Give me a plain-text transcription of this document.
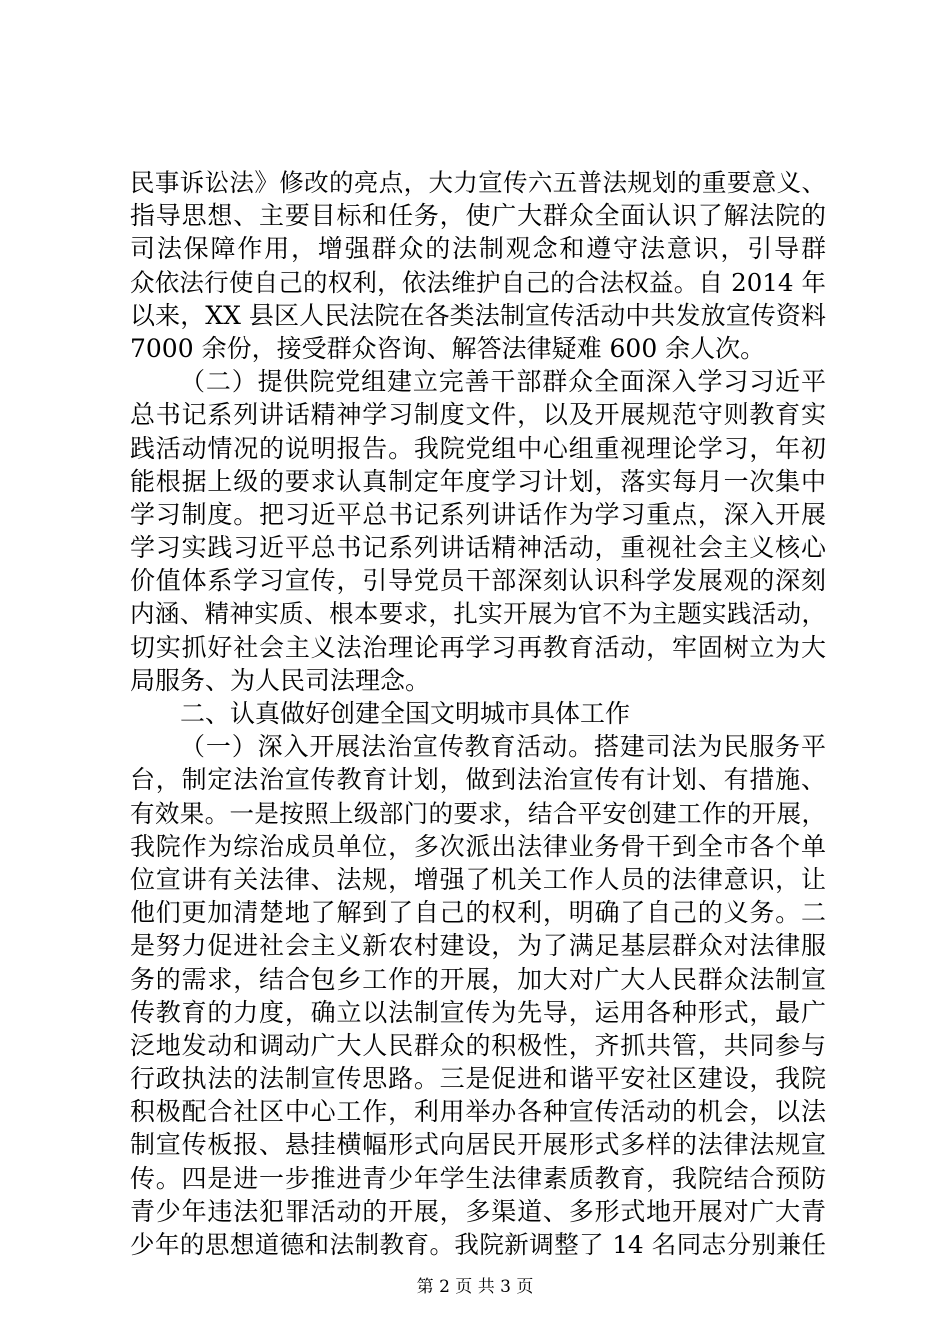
民事诉讼法》修改的亮点，大力宣传六五普法规划的重要意义、
指导思想、主要目标和任务，使广大群众全面认识了解法院的
司法保障作用，增强群众的法制观念和遵守法意识，引导群
众依法行使自己的权利，依法维护自己的合法权益。自 2014 年
以来，XX 县区人民法院在各类法制宣传活动中共发放宣传资料
7000 余份，接受群众咨询、解答法律疑难 600 余人次。
（二）提供院党组建立完善干部群众全面深入学习习近平
总书记系列讲话精神学习制度文件，以及开展规范守则教育实
践活动情况的说明报告。我院党组中心组重视理论学习，年初
能根据上级的要求认真制定年度学习计划，落实每月一次集中
学习制度。把习近平总书记系列讲话作为学习重点，深入开展
学习实践习近平总书记系列讲话精神活动，重视社会主义核心
价值体系学习宣传，引导党员干部深刻认识科学发展观的深刻
内涵、精神实质、根本要求，扎实开展为官不为主题实践活动，
切实抓好社会主义法治理论再学习再教育活动，牢固树立为大
局服务、为人民司法理念。
二、认真做好创建全国文明城市具体工作
（一）深入开展法治宣传教育活动。搭建司法为民服务平
台，制定法治宣传教育计划，做到法治宣传有计划、有措施、
有效果。一是按照上级部门的要求，结合平安创建工作的开展，
我院作为综治成员单位，多次派出法律业务骨干到全市各个单
位宣讲有关法律、法规，增强了机关工作人员的法律意识，让
他们更加清楚地了解到了自己的权利，明确了自己的义务。二
是努力促进社会主义新农村建设，为了满足基层群众对法律服
务的需求，结合包乡工作的开展，加大对广大人民群众法制宣
传教育的力度，确立以法制宣传为先导，运用各种形式，最广
泛地发动和调动广大人民群众的积极性，齐抓共管，共同参与
行政执法的法制宣传思路。三是促进和谐平安社区建设，我院
积极配合社区中心工作，利用举办各种宣传活动的机会，以法
制宣传板报、悬挂横幅形式向居民开展形式多样的法律法规宣
传。四是进一步推进青少年学生法律素质教育，我院结合预防
青少年违法犯罪活动的开展，多渠道、多形式地开展对广大青
少年的思想道德和法制教育。我院新调整了 14 名同志分别兼任
第 2 页 共 3 页
